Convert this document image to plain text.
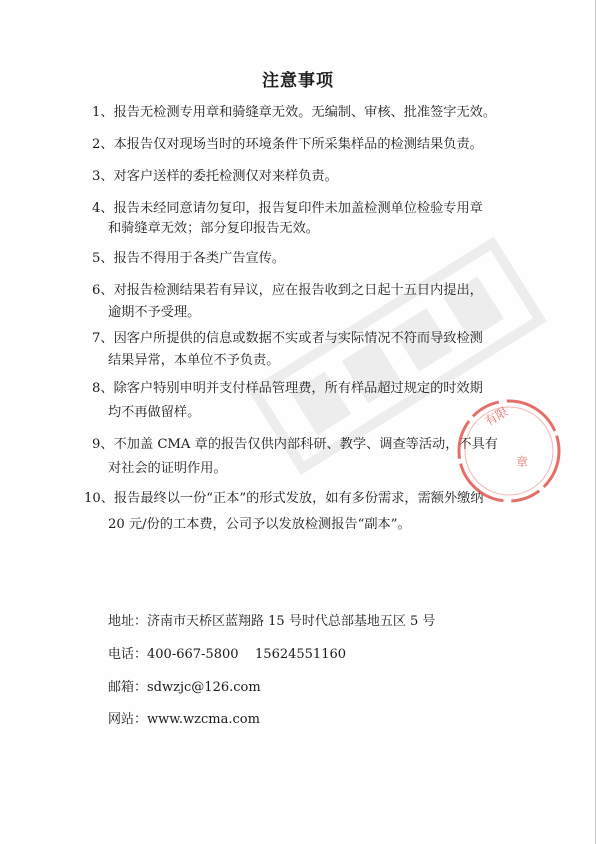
注意事项
1、报告无检测专用章和骑缝章无效。无编制、审核、批准签字无效。
2、本报告仅对现场当时的环境条件下所采集样品的检测结果负责。
3、对客户送样的委托检测仅对来样负责。
4、报告未经同意请勿复印，报告复印件未加盖检测单位检验专用章
和骑缝章无效；部分复印报告无效。
5、报告不得用于各类广告宣传。
6、对报告检测结果若有异议，应在报告收到之日起十五日内提出，
逾期不予受理。
7、因客户所提供的信息或数据不实或者与实际情况不符而导致检测
结果异常，本单位不予负责。
8、除客户特别申明并支付样品管理费，所有样品超过规定的时效期
均不再做留样。
9、不加盖 CMA 章的报告仅供内部科研、教学、调查等活动，不具有
对社会的证明作用。
10、报告最终以一份“正本”的形式发放，如有多份需求，需额外缴纳
20 元/份的工本费，公司予以发放检测报告“副本”。
有限
章
地址：济南市天桥区蓝翔路 15 号时代总部基地五区 5 号
电话：400-667-5800    15624551160
邮箱：sdwzjc@126.com
网站：www.wzcma.com
